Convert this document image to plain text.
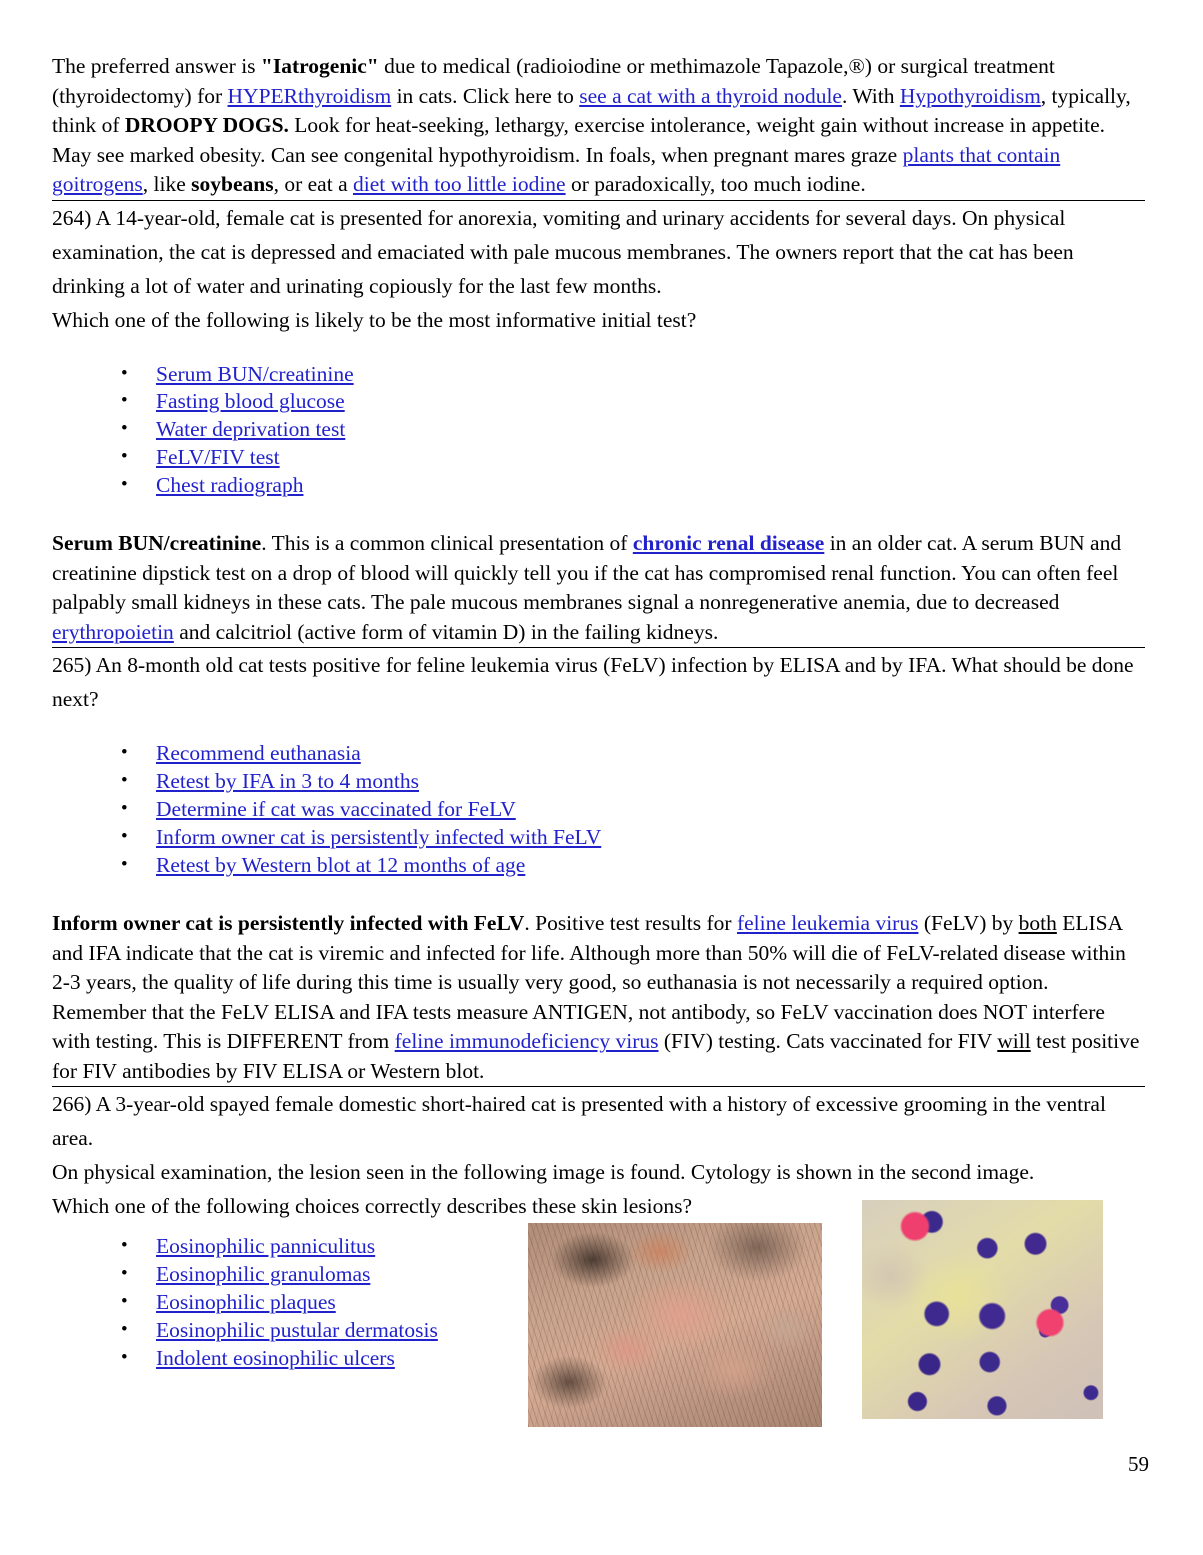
The preferred answer is "Iatrogenic" due to medical (radioiodine or methimazole Tapazole,®) or surgical treatment (thyroidectomy) for HYPERthyroidism in cats. Click here to see a cat with a thyroid nodule. With Hypothyroidism, typically, think of DROOPY DOGS. Look for heat-seeking, lethargy, exercise intolerance, weight gain without increase in appetite. May see marked obesity. Can see congenital hypothyroidism. In foals, when pregnant mares graze plants that contain goitrogens, like soybeans, or eat a diet with too little iodine or paradoxically, too much iodine.

264) A 14-year-old, female cat is presented for anorexia, vomiting and urinary accidents for several days. On physical examination, the cat is depressed and emaciated with pale mucous membranes. The owners report that the cat has been drinking a lot of water and urinating copiously for the last few months.

Which one of the following is likely to be the most informative initial test?

• Serum BUN/creatinine
• Fasting blood glucose
• Water deprivation test
• FeLV/FIV test
• Chest radiograph

Serum BUN/creatinine. This is a common clinical presentation of chronic renal disease in an older cat. A serum BUN and creatinine dipstick test on a drop of blood will quickly tell you if the cat has compromised renal function. You can often feel palpably small kidneys in these cats. The pale mucous membranes signal a nonregenerative anemia, due to decreased erythropoietin and calcitriol (active form of vitamin D) in the failing kidneys.

265) An 8-month old cat tests positive for feline leukemia virus (FeLV) infection by ELISA and by IFA. What should be done next?

• Recommend euthanasia
• Retest by IFA in 3 to 4 months
• Determine if cat was vaccinated for FeLV
• Inform owner cat is persistently infected with FeLV
• Retest by Western blot at 12 months of age

Inform owner cat is persistently infected with FeLV. Positive test results for feline leukemia virus (FeLV) by both ELISA and IFA indicate that the cat is viremic and infected for life. Although more than 50% will die of FeLV-related disease within 2-3 years, the quality of life during this time is usually very good, so euthanasia is not necessarily a required option. Remember that the FeLV ELISA and IFA tests measure ANTIGEN, not antibody, so FeLV vaccination does NOT interfere with testing. This is DIFFERENT from feline immunodeficiency virus (FIV) testing. Cats vaccinated for FIV will test positive for FIV antibodies by FIV ELISA or Western blot.

266) A 3-year-old spayed female domestic short-haired cat is presented with a history of excessive grooming in the ventral area.

On physical examination, the lesion seen in the following image is found. Cytology is shown in the second image.

Which one of the following choices correctly describes these skin lesions?

• Eosinophilic panniculitus
• Eosinophilic granulomas
• Eosinophilic plaques
• Eosinophilic pustular dermatosis
• Indolent eosinophilic ulcers
59
